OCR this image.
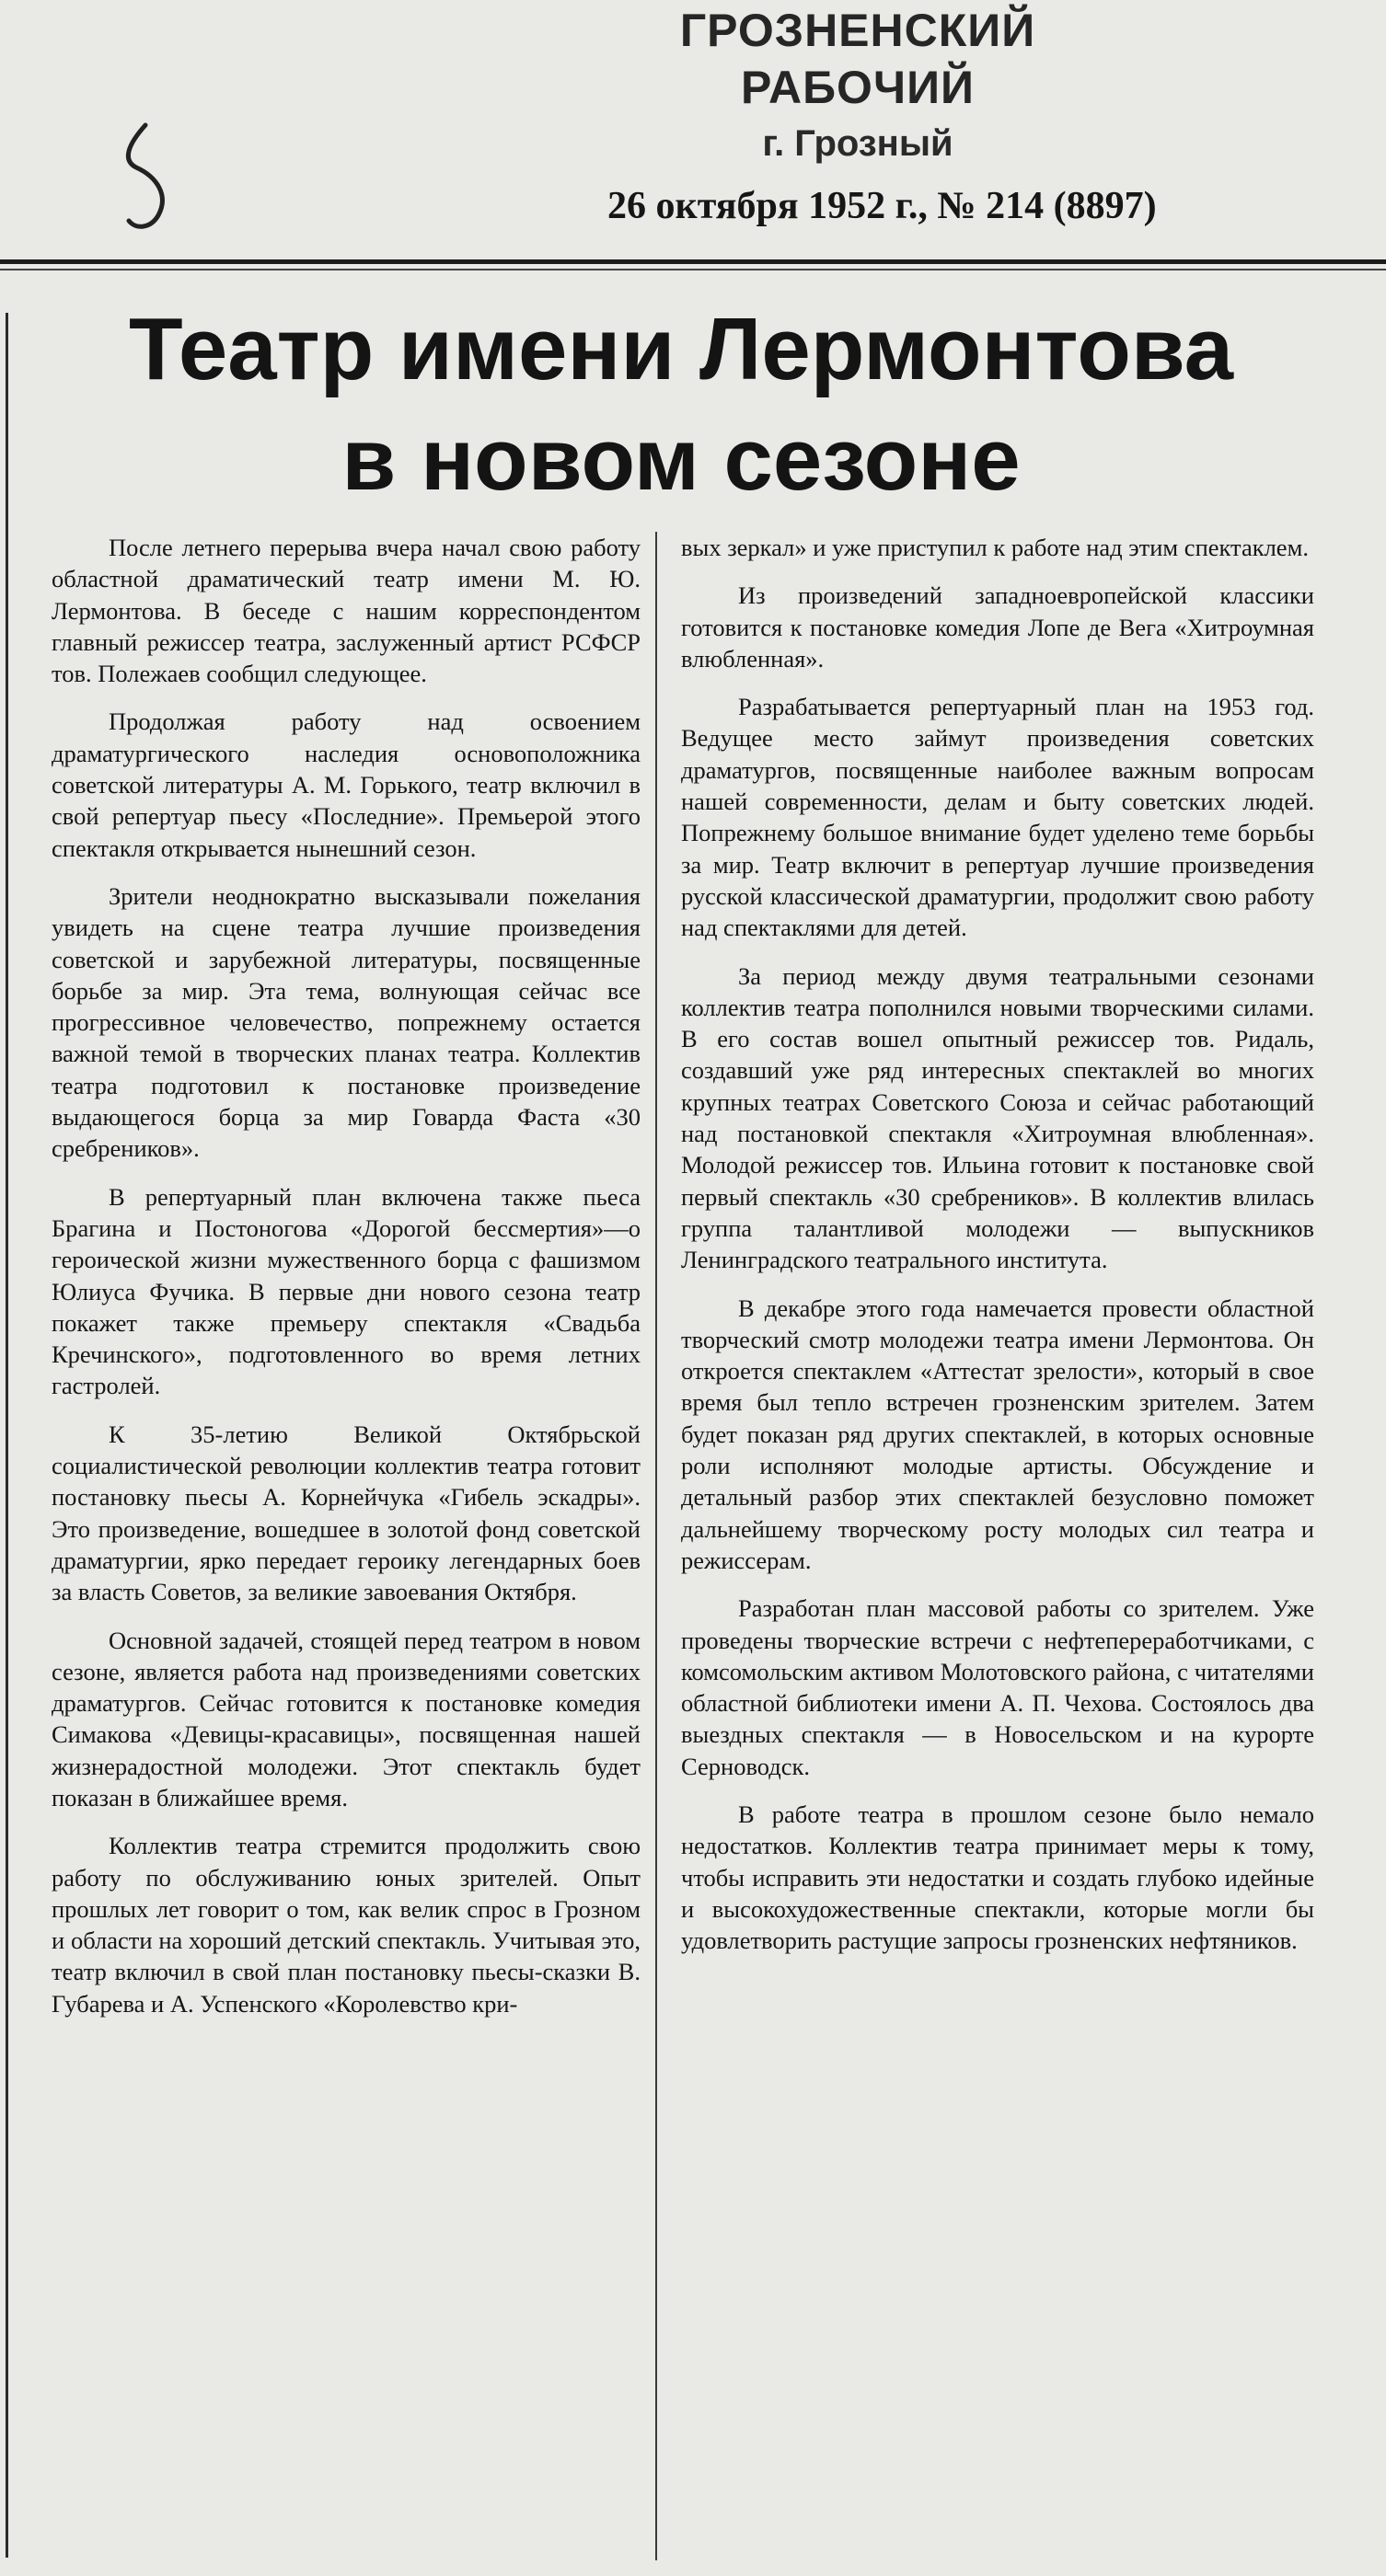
ГРОЗНЕНСКИЙ РАБОЧИЙ
г. Грозный
26 октября 1952 г., № 214 (8897)
Театр имени Лермонтова
в новом сезоне

После летнего перерыва вчера начал свою работу областной драматический театр имени М. Ю. Лермонтова. В беседе с нашим корреспондентом главный режиссер театра, заслуженный артист РСФСР тов. Полежаев сообщил следующее.

Продолжая работу над освоением драматургического наследия основоположника советской литературы А. М. Горького, театр включил в свой репертуар пьесу «Последние». Премьерой этого спектакля открывается нынешний сезон.

Зрители неоднократно высказывали пожелания увидеть на сцене театра лучшие произведения советской и зарубежной литературы, посвященные борьбе за мир. Эта тема, волнующая сейчас все прогрессивное человечество, попрежнему остается важной темой в творческих планах театра. Коллектив театра подготовил к постановке произведение выдающегося борца за мир Говарда Фаста «30 сребреников».

В репертуарный план включена также пьеса Брагина и Постоногова «Дорогой бессмертия»—о героической жизни мужественного борца с фашизмом Юлиуса Фучика. В первые дни нового сезона театр покажет также премьеру спектакля «Свадьба Кречинского», подготовленного во время летних гастролей.

К 35-летию Великой Октябрьской социалистической революции коллектив театра готовит постановку пьесы А. Корнейчука «Гибель эскадры». Это произведение, вошедшее в золотой фонд советской драматургии, ярко передает героику легендарных боев за власть Советов, за великие завоевания Октября.

Основной задачей, стоящей перед театром в новом сезоне, является работа над произведениями советских драматургов. Сейчас готовится к постановке комедия Симакова «Девицы-красавицы», посвященная нашей жизнерадостной молодежи. Этот спектакль будет показан в ближайшее время.

Коллектив театра стремится продолжить свою работу по обслуживанию юных зрителей. Опыт прошлых лет говорит о том, как велик спрос в Грозном и области на хороший детский спектакль. Учитывая это, театр включил в свой план постановку пьесы-сказки В. Губарева и А. Успенского «Королевство кри-

вых зеркал» и уже приступил к работе над этим спектаклем.

Из произведений западноевропейской классики готовится к постановке комедия Лопе де Вега «Хитроумная влюбленная».

Разрабатывается репертуарный план на 1953 год. Ведущее место займут произведения советских драматургов, посвященные наиболее важным вопросам нашей современности, делам и быту советских людей. Попрежнему большое внимание будет уделено теме борьбы за мир. Театр включит в репертуар лучшие произведения русской классической драматургии, продолжит свою работу над спектаклями для детей.

За период между двумя театральными сезонами коллектив театра пополнился новыми творческими силами. В его состав вошел опытный режиссер тов. Ридаль, создавший уже ряд интересных спектаклей во многих крупных театрах Советского Союза и сейчас работающий над постановкой спектакля «Хитроумная влюбленная». Молодой режиссер тов. Ильина готовит к постановке свой первый спектакль «30 сребреников». В коллектив влилась группа талантливой молодежи — выпускников Ленинградского театрального института.

В декабре этого года намечается провести областной творческий смотр молодежи театра имени Лермонтова. Он откроется спектаклем «Аттестат зрелости», который в свое время был тепло встречен грозненским зрителем. Затем будет показан ряд других спектаклей, в которых основные роли исполняют молодые артисты. Обсуждение и детальный разбор этих спектаклей безусловно поможет дальнейшему творческому росту молодых сил театра и режиссерам.

Разработан план массовой работы со зрителем. Уже проведены творческие встречи с нефтепереработчиками, с комсомольским активом Молотовского района, с читателями областной библиотеки имени А. П. Чехова. Состоялось два выездных спектакля — в Новосельском и на курорте Серноводск.

В работе театра в прошлом сезоне было немало недостатков. Коллектив театра принимает меры к тому, чтобы исправить эти недостатки и создать глубоко идейные и высокохудожественные спектакли, которые могли бы удовлетворить растущие запросы грозненских нефтяников.
